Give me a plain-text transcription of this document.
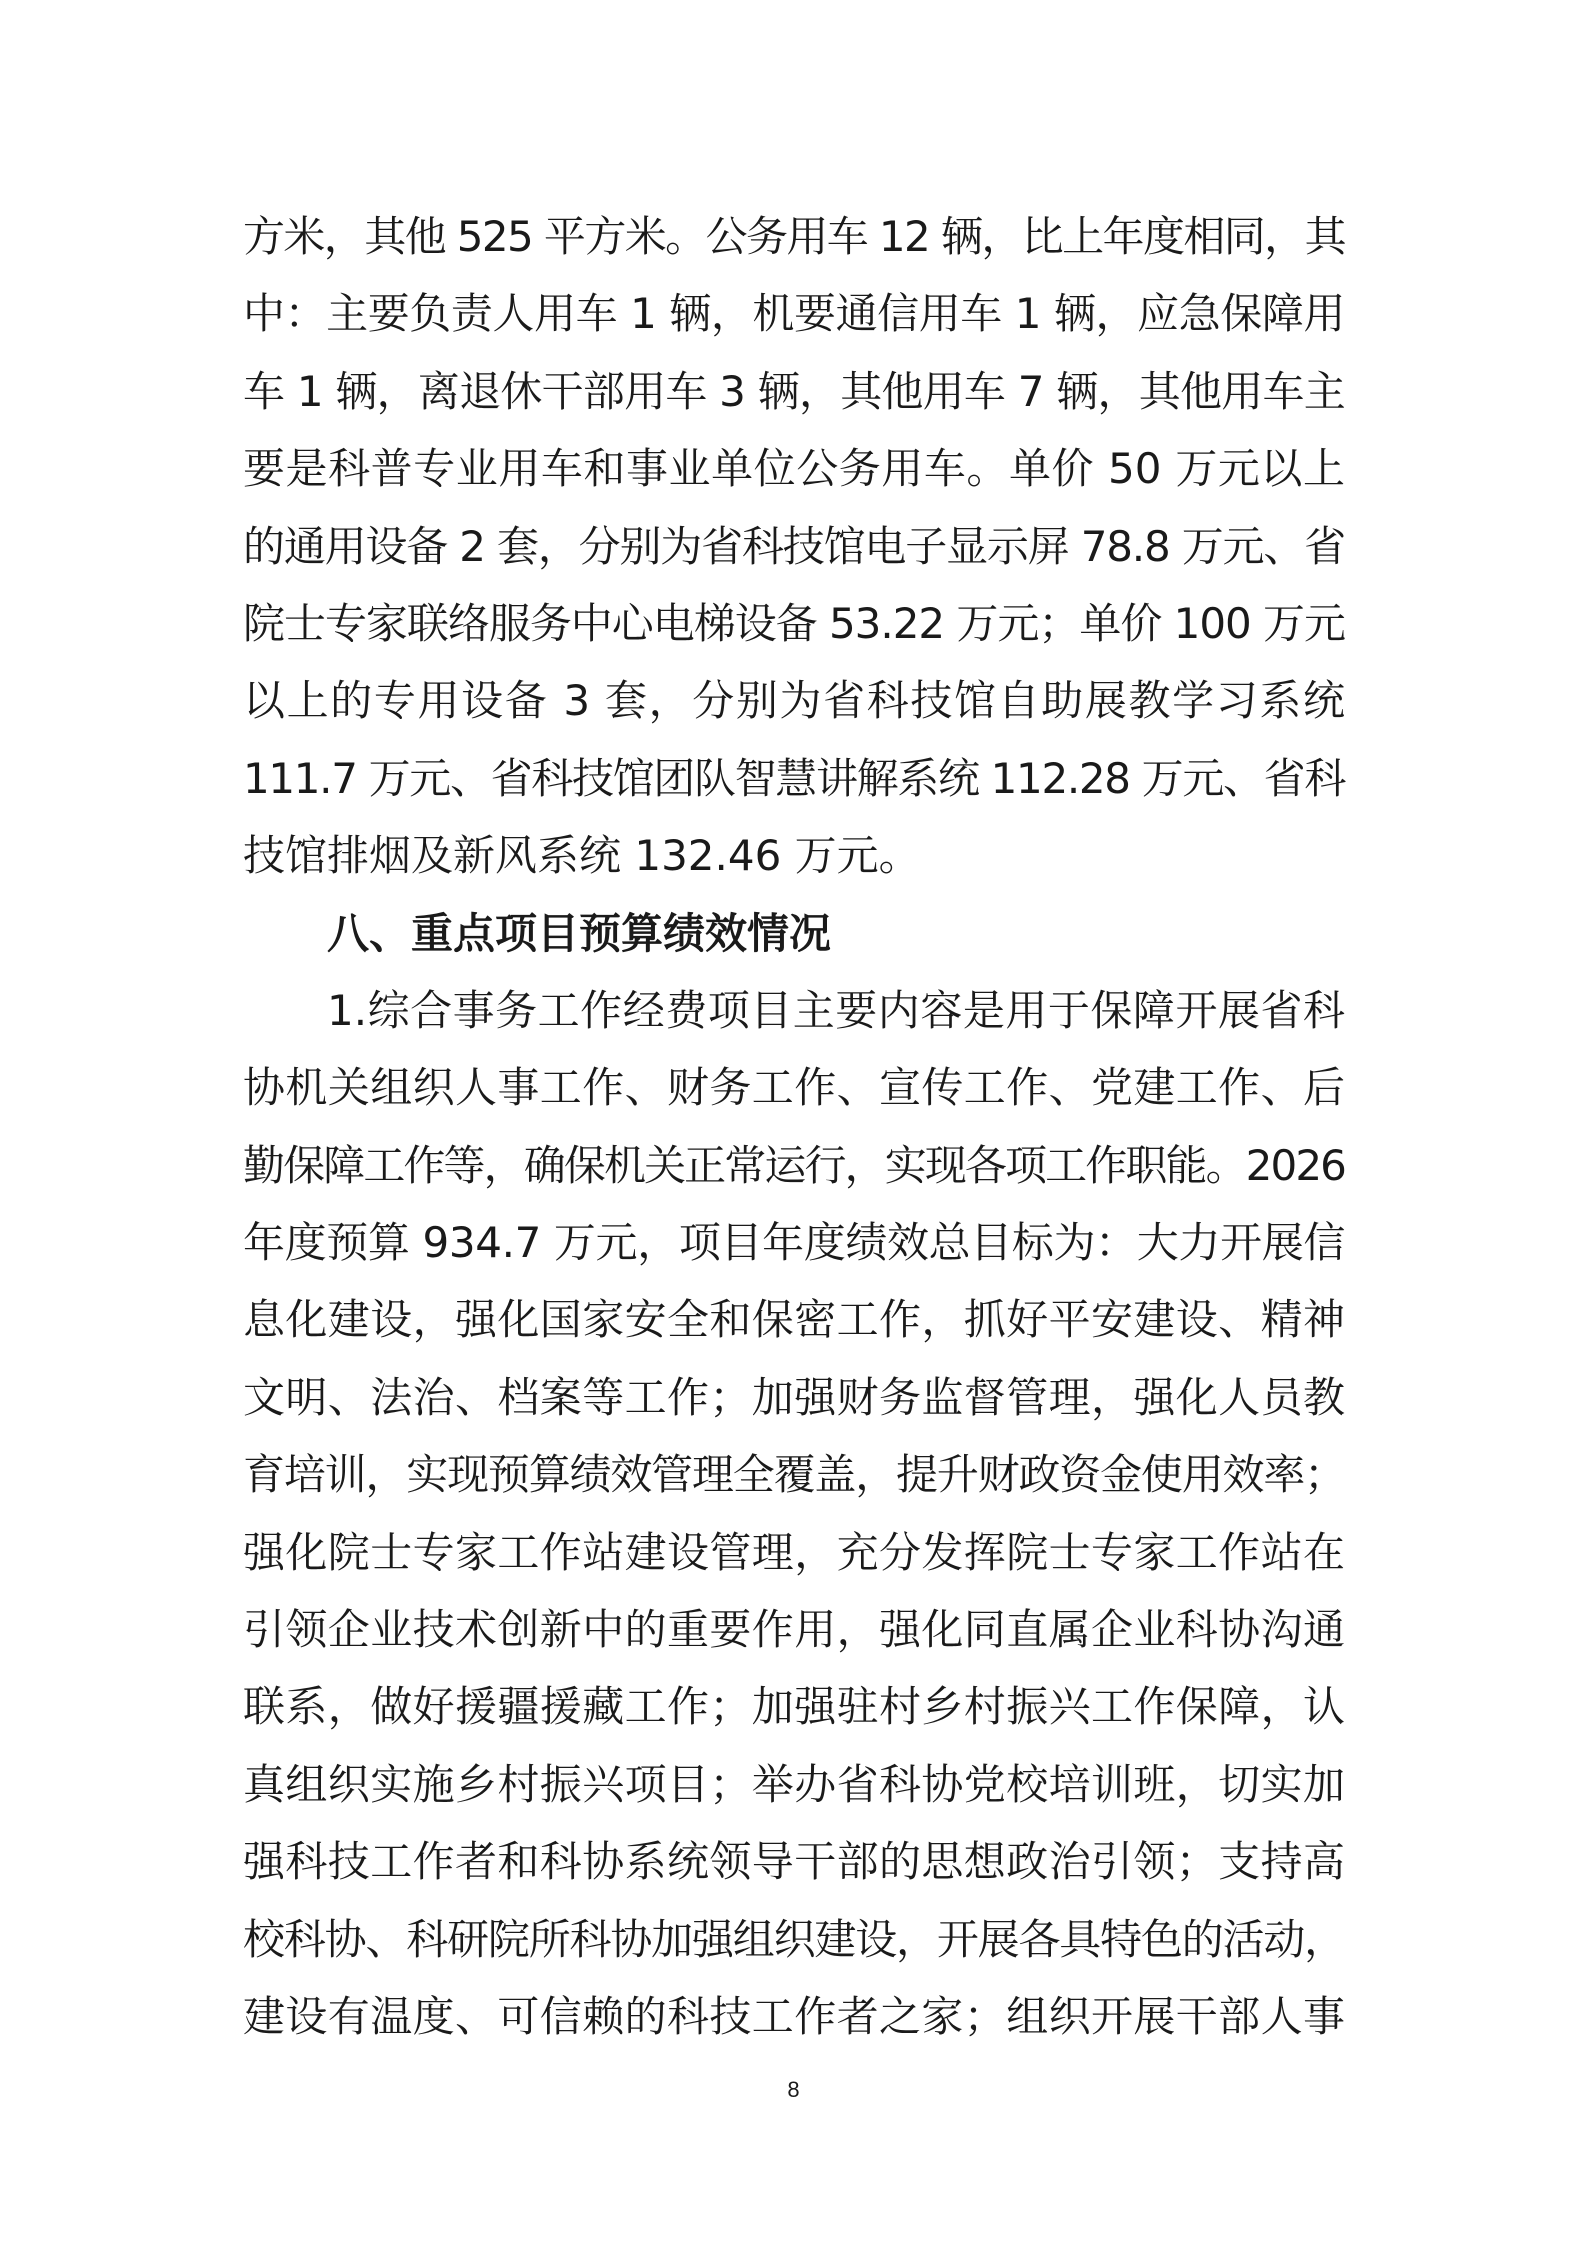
方米，其他 525 平方米。公务用车 12 辆，比上年度相同，其
中：主要负责人用车 1 辆，机要通信用车 1 辆，应急保障用
车 1 辆，离退休干部用车 3 辆，其他用车 7 辆，其他用车主
要是科普专业用车和事业单位公务用车。单价 50 万元以上
的通用设备 2 套，分别为省科技馆电子显示屏 78.8 万元、省
院士专家联络服务中心电梯设备 53.22 万元；单价 100 万元
以上的专用设备 3 套，分别为省科技馆自助展教学习系统
111.7 万元、省科技馆团队智慧讲解系统 112.28 万元、省科
技馆排烟及新风系统 132.46 万元。
八、重点项目预算绩效情况
1.综合事务工作经费项目主要内容是用于保障开展省科
协机关组织人事工作、财务工作、宣传工作、党建工作、后
勤保障工作等，确保机关正常运行，实现各项工作职能。2026
年度预算 934.7 万元，项目年度绩效总目标为：大力开展信
息化建设，强化国家安全和保密工作，抓好平安建设、精神
文明、法治、档案等工作；加强财务监督管理，强化人员教
育培训，实现预算绩效管理全覆盖，提升财政资金使用效率；
强化院士专家工作站建设管理，充分发挥院士专家工作站在
引领企业技术创新中的重要作用，强化同直属企业科协沟通
联系，做好援疆援藏工作；加强驻村乡村振兴工作保障，认
真组织实施乡村振兴项目；举办省科协党校培训班，切实加
强科技工作者和科协系统领导干部的思想政治引领；支持高
校科协、科研院所科协加强组织建设，开展各具特色的活动，
建设有温度、可信赖的科技工作者之家；组织开展干部人事
8
